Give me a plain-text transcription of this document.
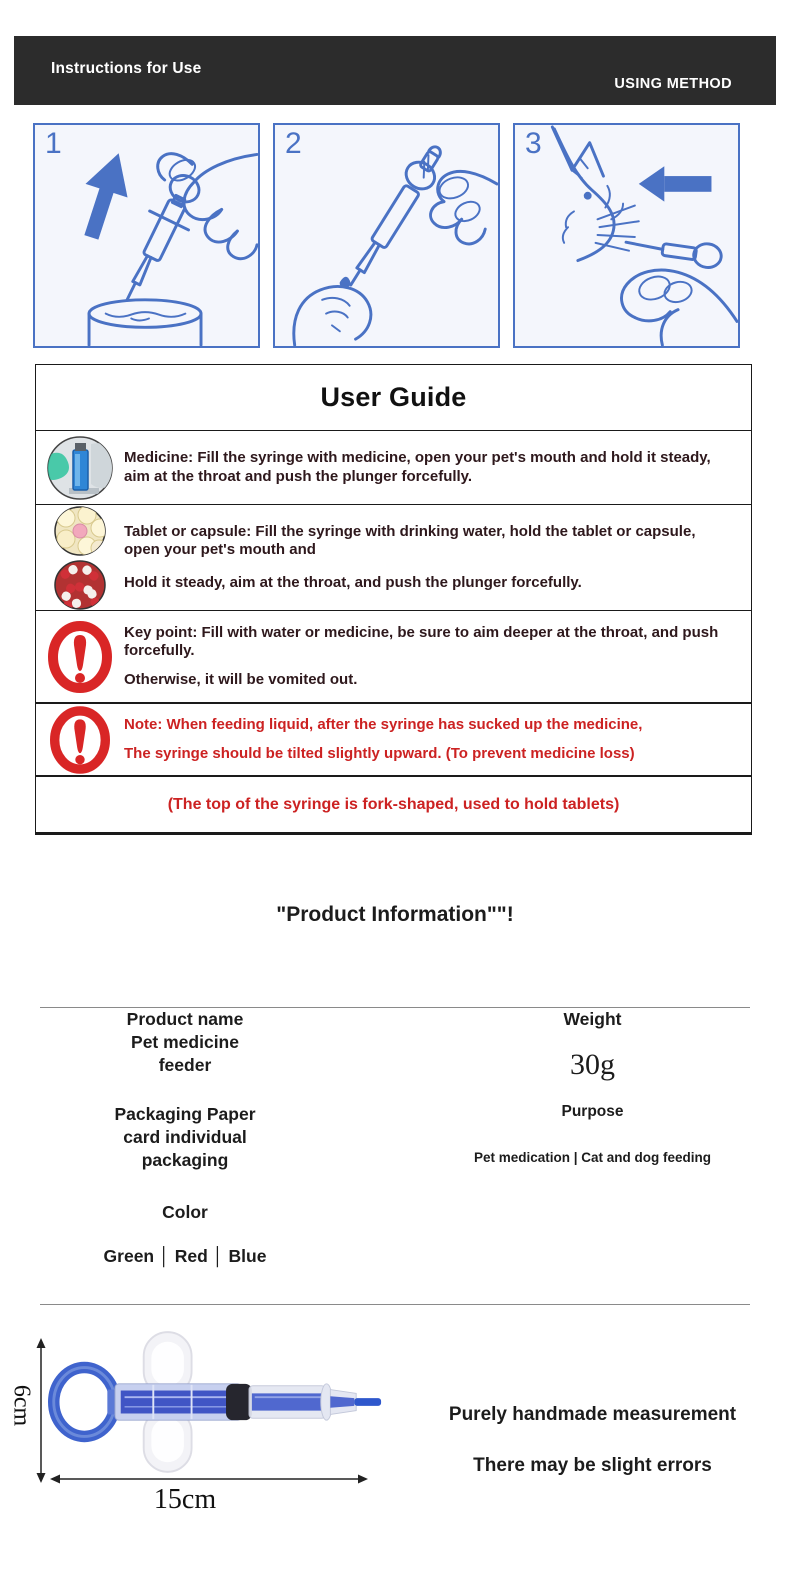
Instructions for Use
USING METHOD
1	2	3
User Guide

Medicine: Fill the syringe with medicine, open your pet's mouth and hold it steady, aim at the throat and push the plunger forcefully.

Tablet or capsule: Fill the syringe with drinking water, hold the tablet or capsule, open your pet's mouth and

Hold it steady, aim at the throat, and push the plunger forcefully.

Key point: Fill with water or medicine, be sure to aim deeper at the throat, and push forcefully.

Otherwise, it will be vomited out.

Note: When feeding liquid, after the syringe has sucked up the medicine,

The syringe should be tilted slightly upward. (To prevent medicine loss)

(The top of the syringe is fork-shaped, used to hold tablets)
"Product Information""!
Product name
Pet medicine
feeder
Packaging Paper
card individual
packaging
Color
Green │ Red │ Blue
Weight
30g
Purpose
Pet medication | Cat and dog feeding
6cm
15cm
Purely handmade measurement
There may be slight errors
